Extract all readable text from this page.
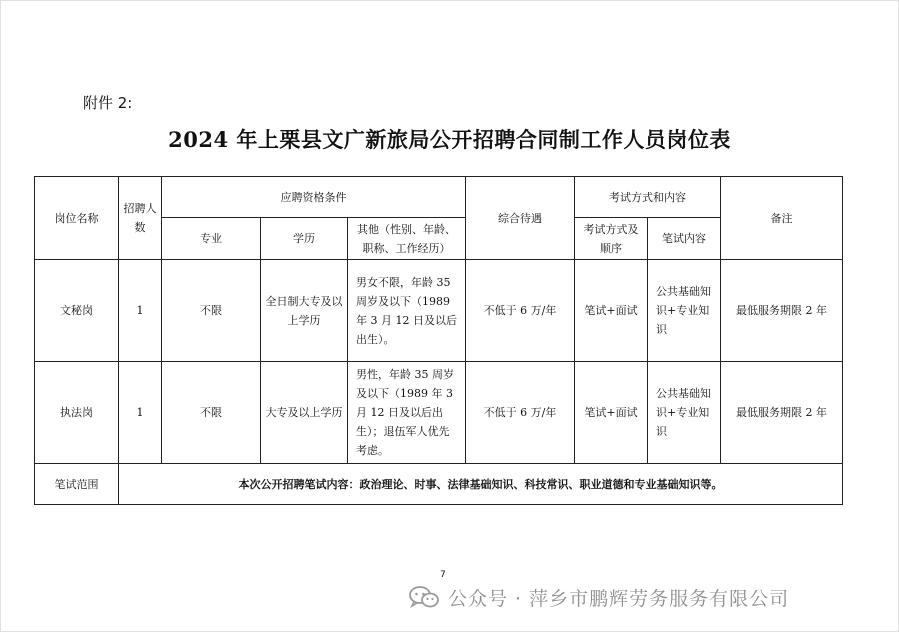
附件 2:
2024 年上栗县文广新旅局公开招聘合同制工作人员岗位表
岗位名称	招聘人数	应聘资格条件			综合待遇	考试方式和内容		备注
		专业	学历	其他（性别、年龄、职称、工作经历）		考试方式及顺序	笔试内容	
文秘岗	1	不限	全日制大专及以上学历	男女不限，年龄 35 周岁及以下（1989 年 3 月 12 日及以后出生）。	不低于 6 万/年	笔试+面试	公共基础知识+专业知识	最低服务期限 2 年
执法岗	1	不限	大专及以上学历	男性，年龄 35 周岁及以下（1989 年 3 月 12 日及以后出生）；退伍军人优先考虑。	不低于 6 万/年	笔试+面试	公共基础知识+专业知识	最低服务期限 2 年
笔试范围	本次公开招聘笔试内容：政治理论、时事、法律基础知识、科技常识、职业道德和专业基础知识等。							
7
公众号 · 萍乡市鹏辉劳务服务有限公司
